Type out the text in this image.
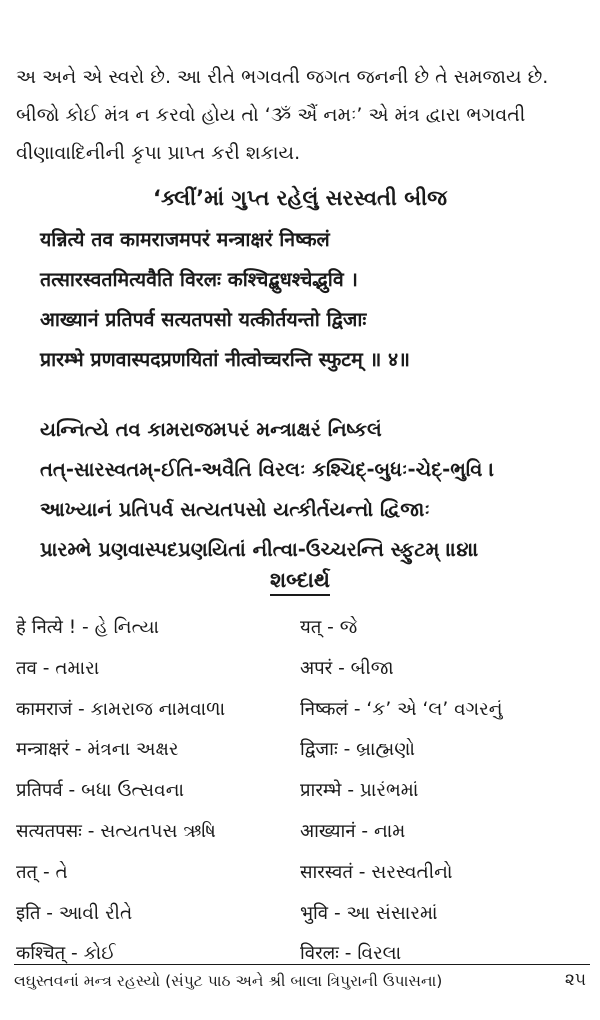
અ અને એ સ્વરો છે. આ રીતે ભગવતી જગત જનની છે તે સમજાય છે.
બીજો કોઈ મંત્ર ન કરવો હોય તો ‘ૐ ઐં નમઃ’ એ મંત્ર દ્વારા ભગવતી
વીણાવાદિનીની કૃપા પ્રાપ્ત કરી શકાય.
‘ક્લીં’માં ગુપ્ત રહેલું સરસ્વતી બીજ
यन्नित्ये तव कामराजमपरं मन्त्राक्षरं निष्कलं
तत्सारस्वतमित्यवैति विरलः कश्चिद्बुधश्चेद्भुवि ।
आख्यानं प्रतिपर्व सत्यतपसो यत्कीर्तयन्तो द्विजाः
प्रारम्भे प्रणवास्पदप्रणयितां नीत्वोच्चरन्ति स्फुटम् ॥ ४॥
યન્નિત્યે તવ કામરાજમપરં મન્ત્રાક્ષરં નિષ્કલં
તત્-સારસ્વતમ્-ઈતિ-અવૈતિ વિરલઃ કશ્ચિદ્-બુધઃ-ચેદ્-ભુવિ ।
આખ્યાનં પ્રતિપર્વ સત્યતપસો યત્કીર્તયન્તો દ્વિજાઃ
પ્રારમ્ભે પ્રણવાસ્પદપ્રણયિતાં નીત્વા-ઉચ્ચરન્તિ સ્ફુટમ્ ॥૪॥
શબ્દાર્થ
हे नित्ये ! - હે નિત્યા	यत् - જે
तव - તમારા	अपरं - બીજા
कामराजं - કામરાજ નામવાળા	निष्कलं - ‘ક’ એ ‘લ’ વગરનું
मन्त्राक्षरं - મંત્રના અક્ષર	द्विजाः - બ્રાહ્મણો
प्रतिपर्व - બધા ઉત્સવના	प्रारम्भे - પ્રારંભમાં
सत्यतपसः - સત્યતપસ ઋષિ	आख्यानं - નામ
तत् - તે	सारस्वतं - સરસ્વતીનો
इति - આવી રીતે	भुवि - આ સંસારમાં
कश्चित् - કોઈ	विरलः - વિરલા
લઘુસ્તવનાં મન્ત્ર રહસ્યો (સંપુટ પાઠ અને શ્રી બાલા ત્રિપુરાની ઉપાસના)	૨૫
